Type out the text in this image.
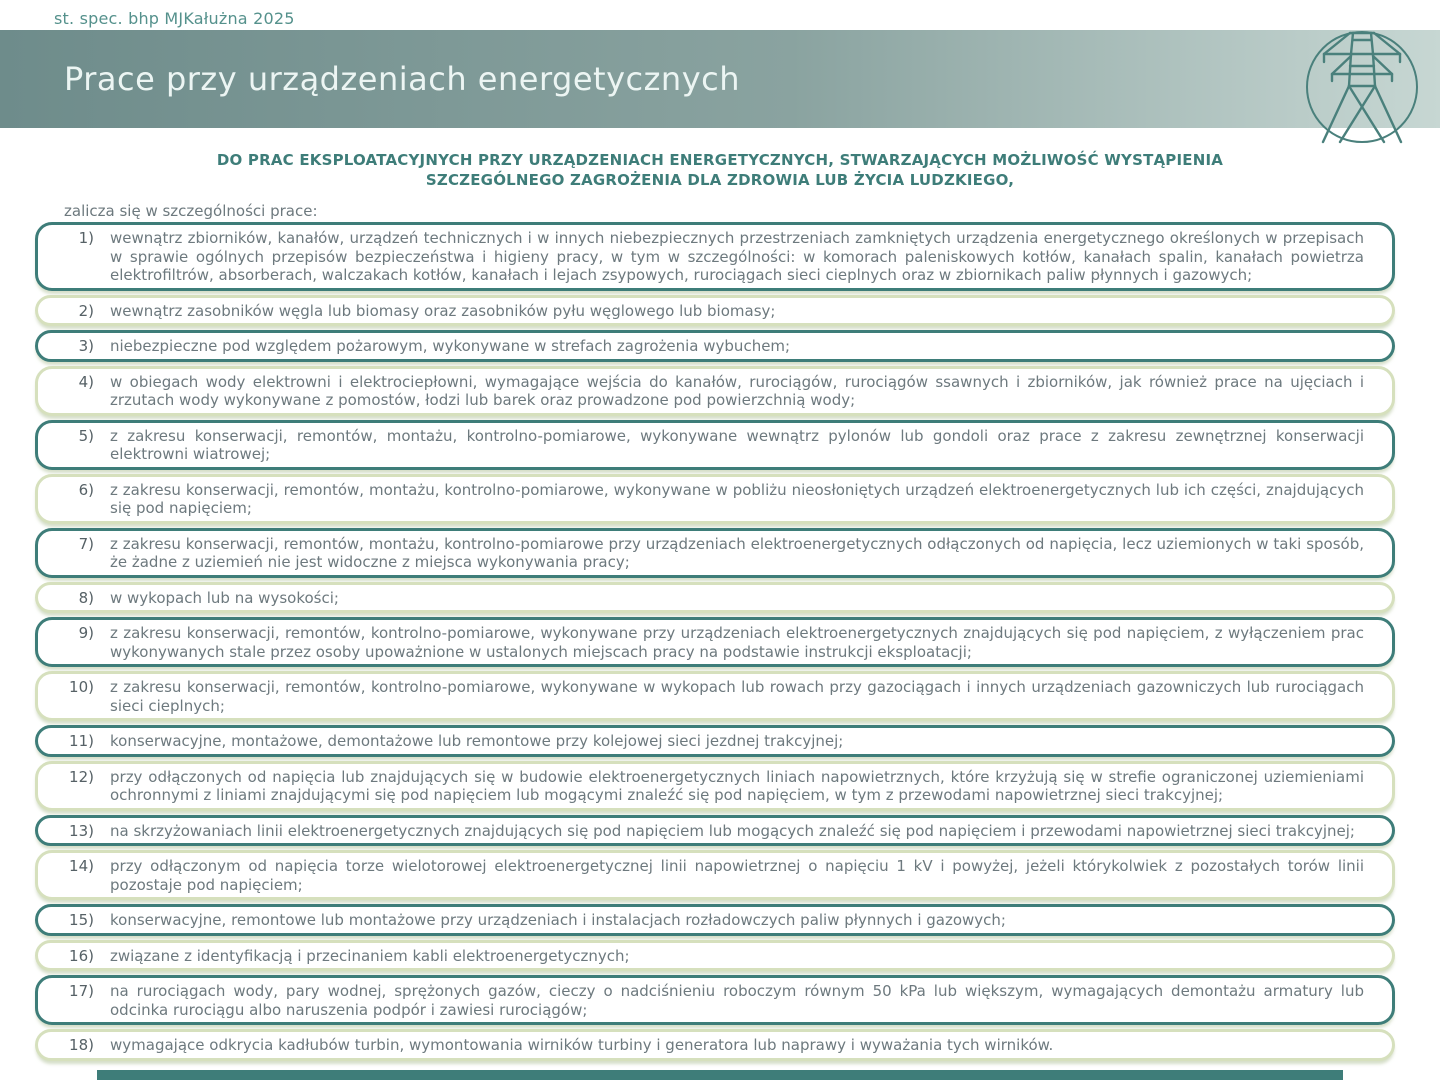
st. spec. bhp MJKałużna 2025
Prace przy urządzeniach energetycznych
DO PRAC EKSPLOATACYJNYCH PRZY URZĄDZENIACH ENERGETYCZNYCH, STWARZAJĄCYCH MOŻLIWOŚĆ WYSTĄPIENIA
SZCZEGÓLNEGO ZAGROŻENIA DLA ZDROWIA LUB ŻYCIA LUDZKIEGO,
zalicza się w szczególności prace:
1)	wewnątrz zbiorników, kanałów, urządzeń technicznych i w innych niebezpiecznych przestrzeniach zamkniętych urządzenia energetycznego określonych w przepisach w sprawie ogólnych przepisów bezpieczeństwa i higieny pracy, w tym w szczególności: w komorach paleniskowych kotłów, kanałach spalin, kanałach powietrza elektrofiltrów, absorberach, walczakach kotłów, kanałach i lejach zsypowych, rurociągach sieci cieplnych oraz w zbiornikach paliw płynnych i gazowych;
2)	wewnątrz zasobników węgla lub biomasy oraz zasobników pyłu węglowego lub biomasy;
3)	niebezpieczne pod względem pożarowym, wykonywane w strefach zagrożenia wybuchem;
4)	w obiegach wody elektrowni i elektrociepłowni, wymagające wejścia do kanałów, rurociągów, rurociągów ssawnych i zbiorników, jak również prace na ujęciach i zrzutach wody wykonywane z pomostów, łodzi lub barek oraz prowadzone pod powierzchnią wody;
5)	z zakresu konserwacji, remontów, montażu, kontrolno-pomiarowe, wykonywane wewnątrz pylonów lub gondoli oraz prace z zakresu zewnętrznej konserwacji elektrowni wiatrowej;
6)	z zakresu konserwacji, remontów, montażu, kontrolno-pomiarowe, wykonywane w pobliżu nieosłoniętych urządzeń elektroenergetycznych lub ich części, znajdujących się pod napięciem;
7)	z zakresu konserwacji, remontów, montażu, kontrolno-pomiarowe przy urządzeniach elektroenergetycznych odłączonych od napięcia, lecz uziemionych w taki sposób, że żadne z uziemień nie jest widoczne z miejsca wykonywania pracy;
8)	w wykopach lub na wysokości;
9)	z zakresu konserwacji, remontów, kontrolno-pomiarowe, wykonywane przy urządzeniach elektroenergetycznych znajdujących się pod napięciem, z wyłączeniem prac wykonywanych stale przez osoby upoważnione w ustalonych miejscach pracy na podstawie instrukcji eksploatacji;
10)	z zakresu konserwacji, remontów, kontrolno-pomiarowe, wykonywane w wykopach lub rowach przy gazociągach i innych urządzeniach gazowniczych lub rurociągach sieci cieplnych;
11)	konserwacyjne, montażowe, demontażowe lub remontowe przy kolejowej sieci jezdnej trakcyjnej;
12)	przy odłączonych od napięcia lub znajdujących się w budowie elektroenergetycznych liniach napowietrznych, które krzyżują się w strefie ograniczonej uziemieniami ochronnymi z liniami znajdującymi się pod napięciem lub mogącymi znaleźć się pod napięciem, w tym z przewodami napowietrznej sieci trakcyjnej;
13)	na skrzyżowaniach linii elektroenergetycznych znajdujących się pod napięciem lub mogących znaleźć się pod napięciem i przewodami napowietrznej sieci trakcyjnej;
14)	przy odłączonym od napięcia torze wielotorowej elektroenergetycznej linii napowietrznej o napięciu 1 kV i powyżej, jeżeli którykolwiek z pozostałych torów linii pozostaje pod napięciem;
15)	konserwacyjne, remontowe lub montażowe przy urządzeniach i instalacjach rozładowczych paliw płynnych i gazowych;
16)	związane z identyfikacją i przecinaniem kabli elektroenergetycznych;
17)	na rurociągach wody, pary wodnej, sprężonych gazów, cieczy o nadciśnieniu roboczym równym 50 kPa lub większym, wymagających demontażu armatury lub odcinka rurociągu albo naruszenia podpór i zawiesi rurociągów;
18)	wymagające odkrycia kadłubów turbin, wymontowania wirników turbiny i generatora lub naprawy i wyważania tych wirników.
